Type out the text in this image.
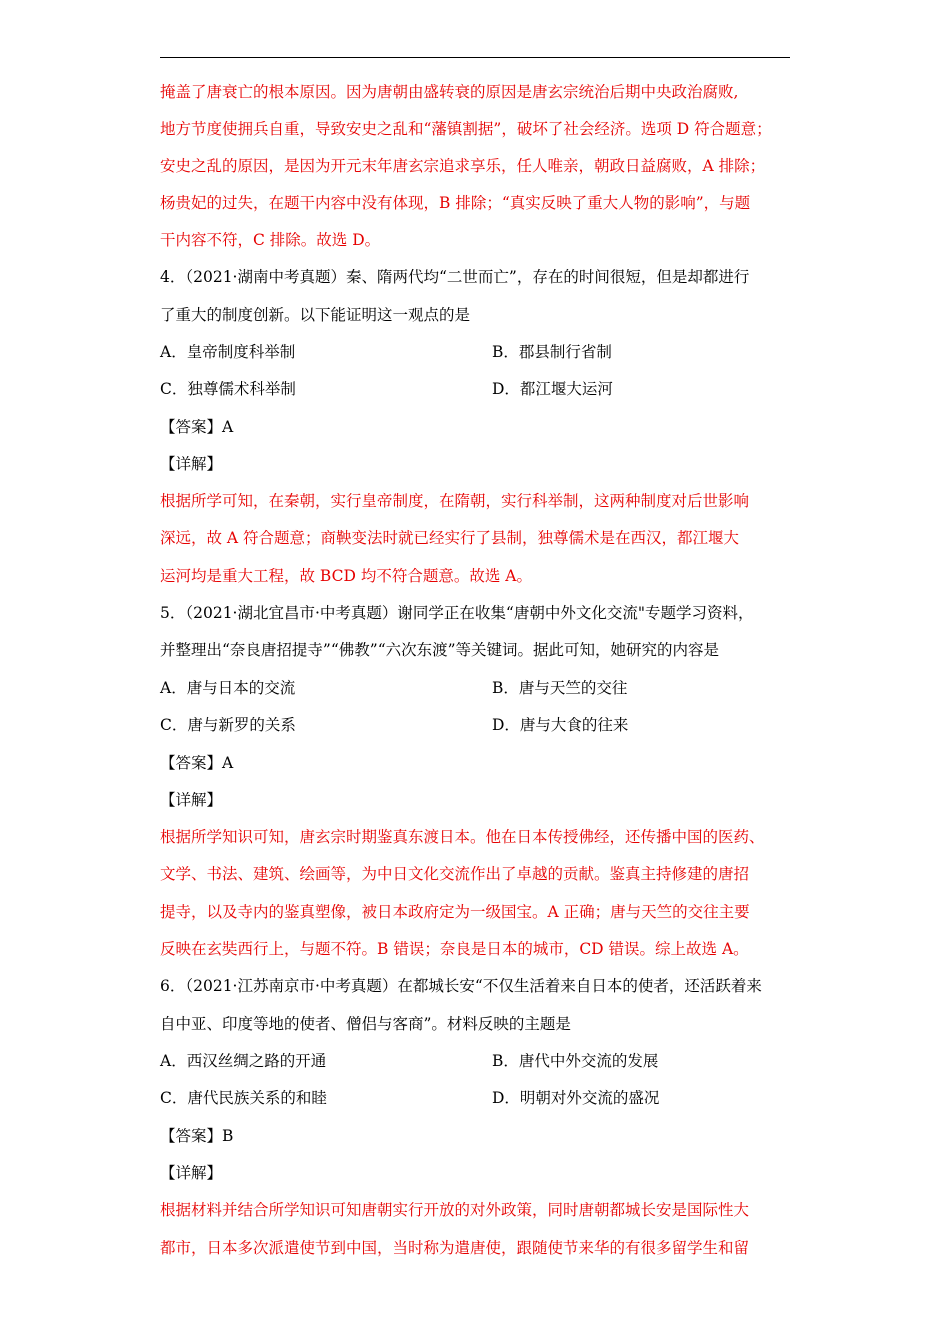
掩盖了唐衰亡的根本原因。因为唐朝由盛转衰的原因是唐玄宗统治后期中央政治腐败,
地方节度使拥兵自重，导致安史之乱和“藩镇割据”，破坏了社会经济。选项 D 符合题意；
安史之乱的原因，是因为开元末年唐玄宗追求享乐，任人唯亲，朝政日益腐败，A 排除；
杨贵妃的过失，在题干内容中没有体现，B 排除；“真实反映了重大人物的影响”，与题
干内容不符，C 排除。故选 D。
4．（2021·湖南中考真题）秦、隋两代均“二世而亡”，存在的时间很短，但是却都进行
了重大的制度创新。以下能证明这一观点的是
A．皇帝制度科举制	B．郡县制行省制
C．独尊儒术科举制	D．都江堰大运河
【答案】A
【详解】
根据所学可知，在秦朝，实行皇帝制度，在隋朝，实行科举制，这两种制度对后世影响
深远，故 A 符合题意；商鞅变法时就已经实行了县制，独尊儒术是在西汉，都江堰大
运河均是重大工程，故 BCD 均不符合题意。故选 A。
5．（2021·湖北宜昌市·中考真题）谢同学正在收集“唐朝中外文化交流"专题学习资料，
并整理出“奈良唐招提寺”“佛教”“六次东渡”等关键词。据此可知，她研究的内容是
A．唐与日本的交流	B．唐与天竺的交往
C．唐与新罗的关系	D．唐与大食的往来
【答案】A
【详解】
根据所学知识可知，唐玄宗时期鉴真东渡日本。他在日本传授佛经，还传播中国的医药、
文学、书法、建筑、绘画等，为中日文化交流作出了卓越的贡献。鉴真主持修建的唐招
提寺，以及寺内的鉴真塑像，被日本政府定为一级国宝。A 正确；唐与天竺的交往主要
反映在玄奘西行上，与题不符。B 错误；奈良是日本的城市，CD 错误。综上故选 A。
6．（2021·江苏南京市·中考真题）在都城长安“不仅生活着来自日本的使者，还活跃着来
自中亚、印度等地的使者、僧侣与客商”。材料反映的主题是
A．西汉丝绸之路的开通	B．唐代中外交流的发展
C．唐代民族关系的和睦	D．明朝对外交流的盛况
【答案】B
【详解】
根据材料并结合所学知识可知唐朝实行开放的对外政策，同时唐朝都城长安是国际性大
都市，日本多次派遣使节到中国，当时称为遣唐使，跟随使节来华的有很多留学生和留
